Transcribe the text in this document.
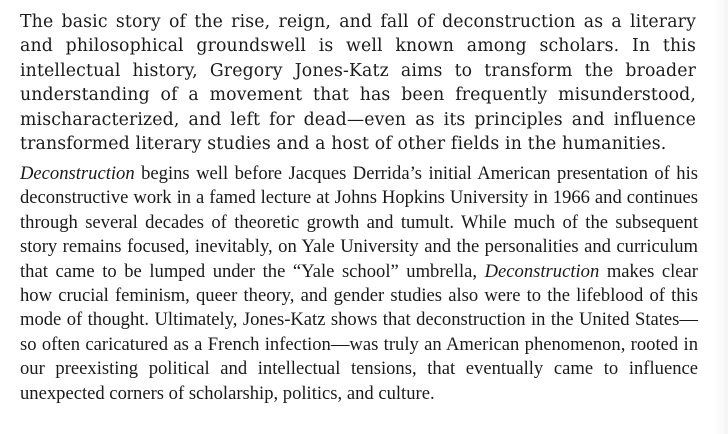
The basic story of the rise, reign, and fall of deconstruction as a literary and philosophical groundswell is well known among scholars. In this intellectual history, Gregory Jones-Katz aims to transform the broader understanding of a movement that has been frequently misunderstood, mischaracterized, and left for dead—even as its principles and influence transformed literary studies and a host of other fields in the humanities.

Deconstruction begins well before Jacques Derrida’s initial American presentation of his deconstructive work in a famed lecture at Johns Hopkins University in 1966 and continues through several decades of theoretic growth and tumult. While much of the subsequent story remains focused, inevitably, on Yale University and the personalities and curriculum that came to be lumped under the “Yale school” umbrella, Deconstruction makes clear how crucial feminism, queer theory, and gender studies also were to the lifeblood of this mode of thought. Ultimately, Jones-Katz shows that deconstruction in the United States—so often caricatured as a French infection—was truly an American phenomenon, rooted in our preexisting political and intellectual tensions, that eventually came to influence unexpected corners of scholarship, politics, and culture.
